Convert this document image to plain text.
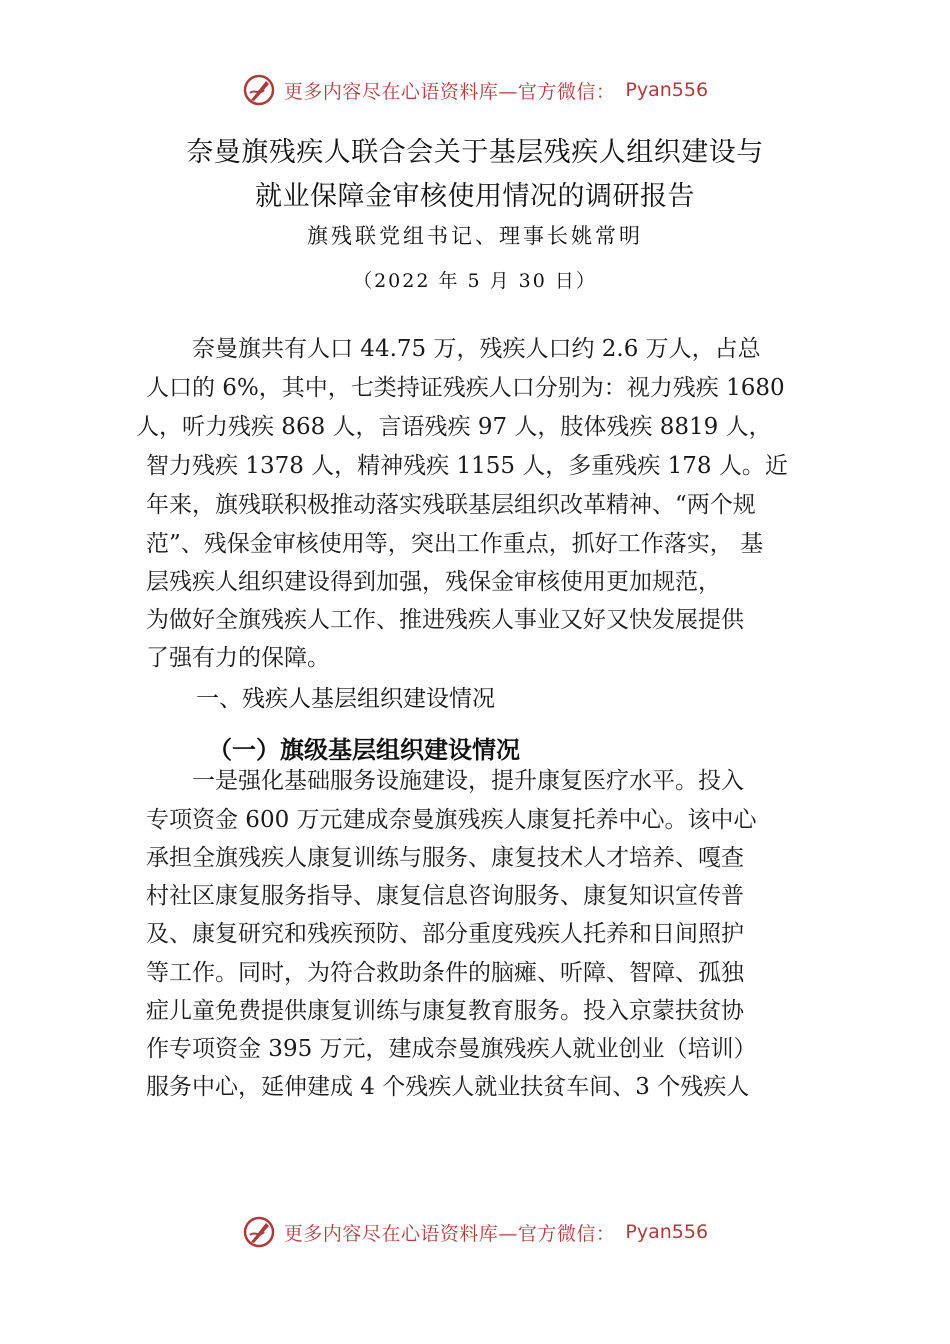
更多内容尽在心语资料库—官方微信： Pyan556
奈曼旗残疾人联合会关于基层残疾人组织建设与
就业保障金审核使用情况的调研报告
旗残联党组书记、理事长姚常明
（2022 年 5 月 30 日）
　　奈曼旗共有人口 44.75 万，残疾人口约 2.6 万人，占总
人口的 6%，其中，七类持证残疾人口分别为：视力残疾 1680
人，听力残疾 868 人，言语残疾 97 人，肢体残疾 8819 人，
智力残疾 1378 人，精神残疾 1155 人，多重残疾 178 人。近
年来，旗残联积极推动落实残联基层组织改革精神、“两个规
范”、残保金审核使用等，突出工作重点，抓好工作落实， 基
层残疾人组织建设得到加强，残保金审核使用更加规范，
为做好全旗残疾人工作、推进残疾人事业又好又快发展提供
了强有力的保障。
一、残疾人基层组织建设情况
（一）旗级基层组织建设情况
　　一是强化基础服务设施建设，提升康复医疗水平。投入
专项资金 600 万元建成奈曼旗残疾人康复托养中心。该中心
承担全旗残疾人康复训练与服务、康复技术人才培养、嘎查
村社区康复服务指导、康复信息咨询服务、康复知识宣传普
及、康复研究和残疾预防、部分重度残疾人托养和日间照护
等工作。同时，为符合救助条件的脑瘫、听障、智障、孤独
症儿童免费提供康复训练与康复教育服务。投入京蒙扶贫协
作专项资金 395 万元，建成奈曼旗残疾人就业创业（培训）
服务中心，延伸建成 4 个残疾人就业扶贫车间、3 个残疾人
更多内容尽在心语资料库—官方微信： Pyan556
